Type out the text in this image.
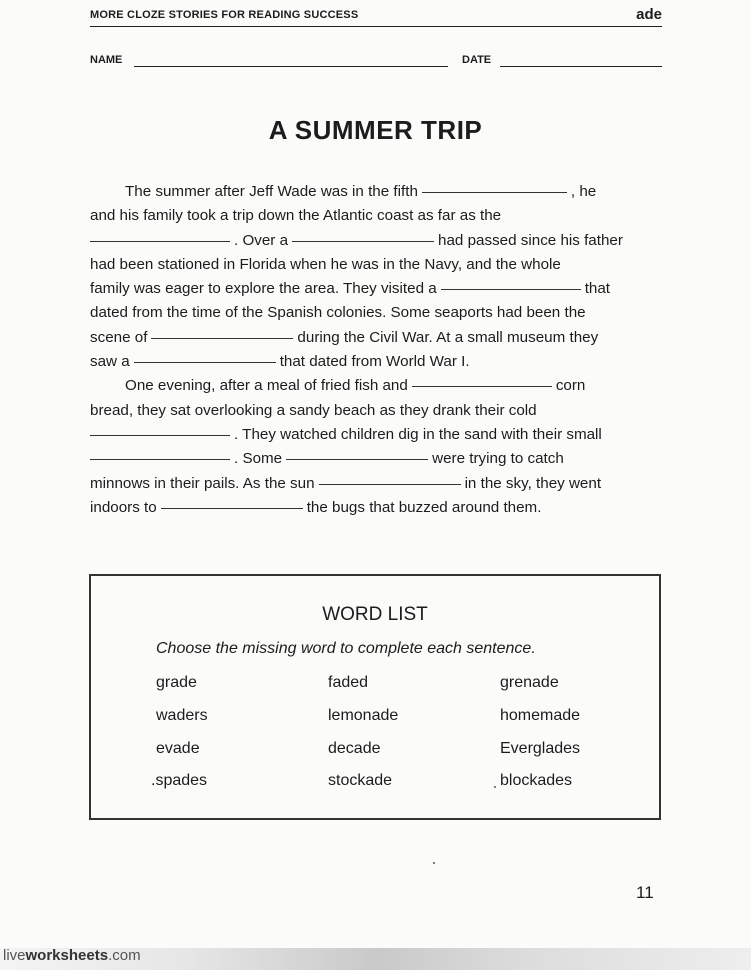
MORE CLOZE STORIES FOR READING SUCCESS	ade
NAME	DATE
A SUMMER TRIP
The summer after Jeff Wade was in the fifth	, he
and his family took a trip down the Atlantic coast as far as the
. Over a	had passed since his father
had been stationed in Florida when he was in the Navy, and the whole
family was eager to explore the area. They visited a	that
dated from the time of the Spanish colonies. Some seaports had been the
scene of	during the Civil War. At a small museum they
saw a	that dated from World War I.
One evening, after a meal of fried fish and	corn
bread, they sat overlooking a sandy beach as they drank their cold
. They watched children dig in the sand with their small
. Some	were trying to catch
minnows in their pails. As the sun	in the sky, they went
indoors to	the bugs that buzzed around them.
WORD LIST
Choose the missing word to complete each sentence.
grade	faded	grenade
waders	lemonade	homemade
evade	decade	Everglades
.spades	stockade	blockades
11
liveworksheets.com
